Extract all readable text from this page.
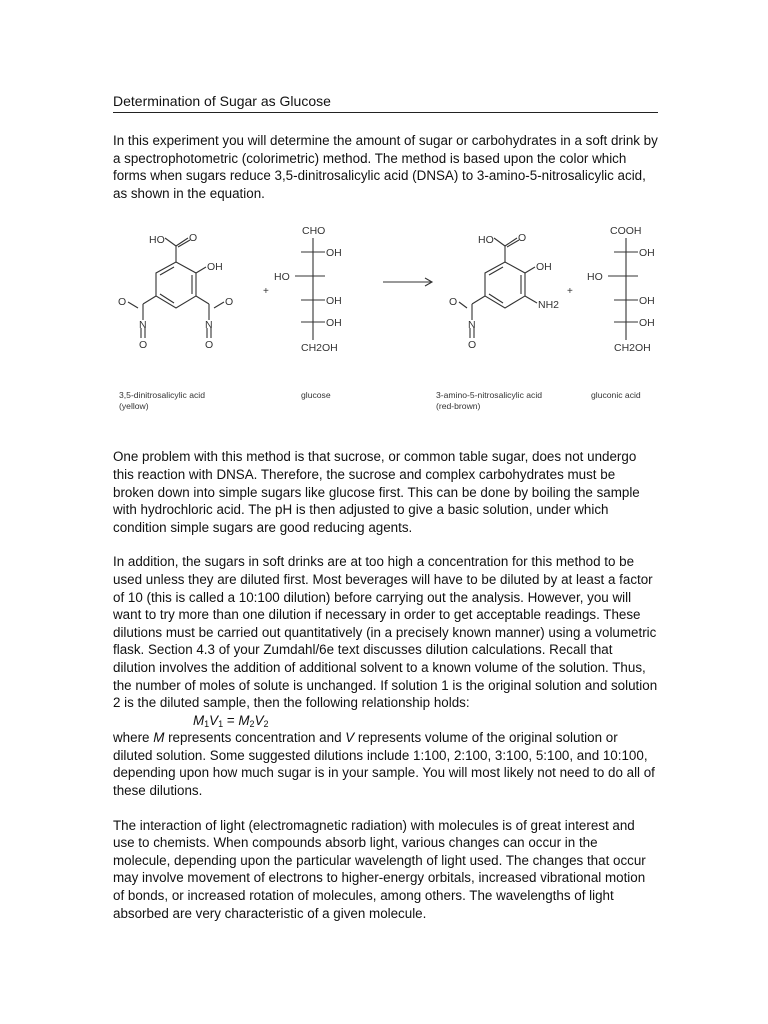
Determination of Sugar as Glucose

In this experiment you will determine the amount of sugar or carbohydrates in a soft drink by a spectrophotometric (colorimetric) method. The method is based upon the color which forms when sugars reduce 3,5-dinitrosalicylic acid (DNSA) to 3-amino-5-nitrosalicylic acid, as shown in the equation.

HO O
OH
N
O
O
N
O
O
+
CHO
OH
HO
OH
OH
CH2OH
HO O
OH
NH2
N
O
O
+
COOH
OH
HO
OH
OH
CH2OH
3,5-dinitrosalicylic acid
(yellow)
glucose	3-amino-5-nitrosalicylic acid
(red-brown)
gluconic acid

One problem with this method is that sucrose, or common table sugar, does not undergo this reaction with DNSA. Therefore, the sucrose and complex carbohydrates must be broken down into simple sugars like glucose first. This can be done by boiling the sample with hydrochloric acid. The pH is then adjusted to give a basic solution, under which condition simple sugars are good reducing agents.

In addition, the sugars in soft drinks are at too high a concentration for this method to be used unless they are diluted first. Most beverages will have to be diluted by at least a factor of 10 (this is called a 10:100 dilution) before carrying out the analysis. However, you will want to try more than one dilution if necessary in order to get acceptable readings. These dilutions must be carried out quantitatively (in a precisely known manner) using a volumetric flask. Section 4.3 of your Zumdahl/6e text discusses dilution calculations. Recall that dilution involves the addition of additional solvent to a known volume of the solution. Thus, the number of moles of solute is unchanged. If solution 1 is the original solution and solution 2 is the diluted sample, then the following relationship holds:

$M_1V_1 = M_2V_2$

where M represents concentration and V represents volume of the original solution or diluted solution. Some suggested dilutions include 1:100, 2:100, 3:100, 5:100, and 10:100, depending upon how much sugar is in your sample. You will most likely not need to do all of these dilutions.

The interaction of light (electromagnetic radiation) with molecules is of great interest and use to chemists. When compounds absorb light, various changes can occur in the molecule, depending upon the particular wavelength of light used. The changes that occur may involve movement of electrons to higher-energy orbitals, increased vibrational motion of bonds, or increased rotation of molecules, among others. The wavelengths of light absorbed are very characteristic of a given molecule.
